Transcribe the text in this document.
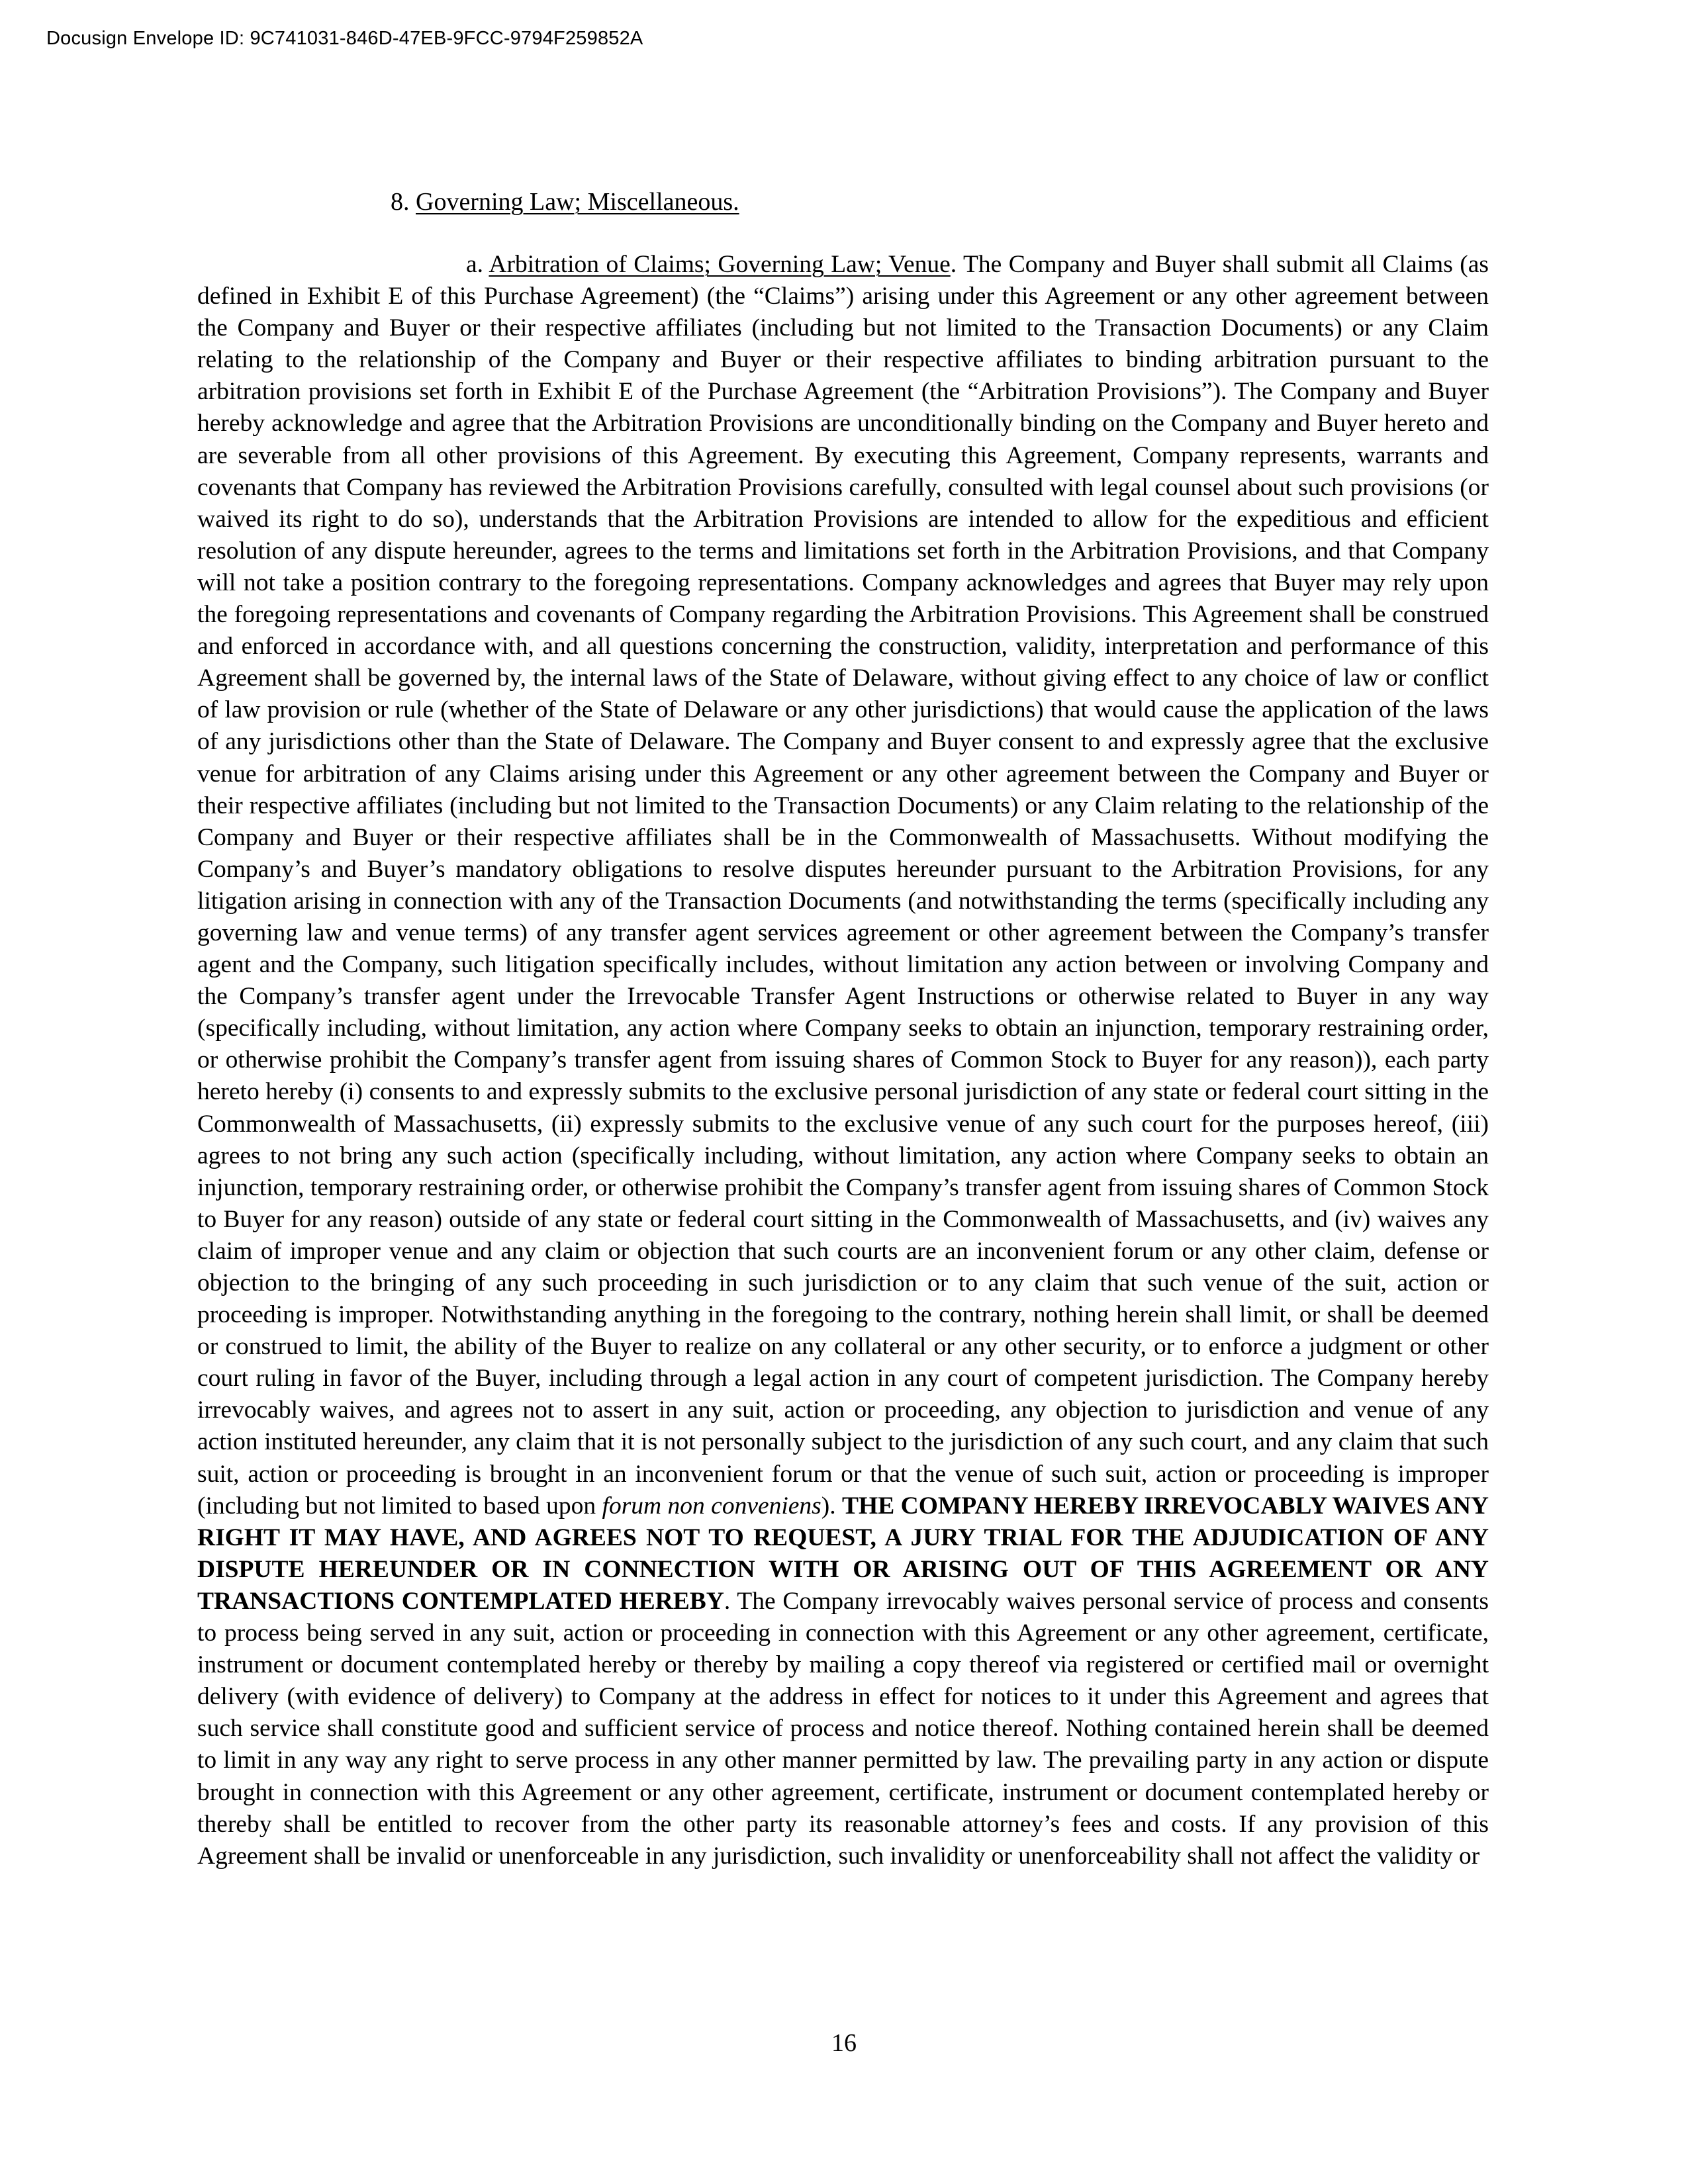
Docusign Envelope ID: 9C741031-846D-47EB-9FCC-9794F259852A
8. Governing Law; Miscellaneous.
a. Arbitration of Claims; Governing Law; Venue. The Company and Buyer shall submit all Claims (as defined in Exhibit E of this Purchase Agreement) (the “Claims”) arising under this Agreement or any other agreement between the Company and Buyer or their respective affiliates (including but not limited to the Transaction Documents) or any Claim relating to the relationship of the Company and Buyer or their respective affiliates to binding arbitration pursuant to the arbitration provisions set forth in Exhibit E of the Purchase Agreement (the “Arbitration Provisions”). The Company and Buyer hereby acknowledge and agree that the Arbitration Provisions are unconditionally binding on the Company and Buyer hereto and are severable from all other provisions of this Agreement. By executing this Agreement, Company represents, warrants and covenants that Company has reviewed the Arbitration Provisions carefully, consulted with legal counsel about such provisions (or waived its right to do so), understands that the Arbitration Provisions are intended to allow for the expeditious and efficient resolution of any dispute hereunder, agrees to the terms and limitations set forth in the Arbitration Provisions, and that Company will not take a position contrary to the foregoing representations. Company acknowledges and agrees that Buyer may rely upon the foregoing representations and covenants of Company regarding the Arbitration Provisions. This Agreement shall be construed and enforced in accordance with, and all questions concerning the construction, validity, interpretation and performance of this Agreement shall be governed by, the internal laws of the State of Delaware, without giving effect to any choice of law or conflict of law provision or rule (whether of the State of Delaware or any other jurisdictions) that would cause the application of the laws of any jurisdictions other than the State of Delaware. The Company and Buyer consent to and expressly agree that the exclusive venue for arbitration of any Claims arising under this Agreement or any other agreement between the Company and Buyer or their respective affiliates (including but not limited to the Transaction Documents) or any Claim relating to the relationship of the Company and Buyer or their respective affiliates shall be in the Commonwealth of Massachusetts. Without modifying the Company’s and Buyer’s mandatory obligations to resolve disputes hereunder pursuant to the Arbitration Provisions, for any litigation arising in connection with any of the Transaction Documents (and notwithstanding the terms (specifically including any governing law and venue terms) of any transfer agent services agreement or other agreement between the Company’s transfer agent and the Company, such litigation specifically includes, without limitation any action between or involving Company and the Company’s transfer agent under the Irrevocable Transfer Agent Instructions or otherwise related to Buyer in any way (specifically including, without limitation, any action where Company seeks to obtain an injunction, temporary restraining order, or otherwise prohibit the Company’s transfer agent from issuing shares of Common Stock to Buyer for any reason)), each party hereto hereby (i) consents to and expressly submits to the exclusive personal jurisdiction of any state or federal court sitting in the Commonwealth of Massachusetts, (ii) expressly submits to the exclusive venue of any such court for the purposes hereof, (iii) agrees to not bring any such action (specifically including, without limitation, any action where Company seeks to obtain an injunction, temporary restraining order, or otherwise prohibit the Company’s transfer agent from issuing shares of Common Stock to Buyer for any reason) outside of any state or federal court sitting in the Commonwealth of Massachusetts, and (iv) waives any claim of improper venue and any claim or objection that such courts are an inconvenient forum or any other claim, defense or objection to the bringing of any such proceeding in such jurisdiction or to any claim that such venue of the suit, action or proceeding is improper. Notwithstanding anything in the foregoing to the contrary, nothing herein shall limit, or shall be deemed or construed to limit, the ability of the Buyer to realize on any collateral or any other security, or to enforce a judgment or other court ruling in favor of the Buyer, including through a legal action in any court of competent jurisdiction. The Company hereby irrevocably waives, and agrees not to assert in any suit, action or proceeding, any objection to jurisdiction and venue of any action instituted hereunder, any claim that it is not personally subject to the jurisdiction of any such court, and any claim that such suit, action or proceeding is brought in an inconvenient forum or that the venue of such suit, action or proceeding is improper (including but not limited to based upon forum non conveniens). THE COMPANY HEREBY IRREVOCABLY WAIVES ANY RIGHT IT MAY HAVE, AND AGREES NOT TO REQUEST, A JURY TRIAL FOR THE ADJUDICATION OF ANY DISPUTE HEREUNDER OR IN CONNECTION WITH OR ARISING OUT OF THIS AGREEMENT OR ANY TRANSACTIONS CONTEMPLATED HEREBY. The Company irrevocably waives personal service of process and consents to process being served in any suit, action or proceeding in connection with this Agreement or any other agreement, certificate, instrument or document contemplated hereby or thereby by mailing a copy thereof via registered or certified mail or overnight delivery (with evidence of delivery) to Company at the address in effect for notices to it under this Agreement and agrees that such service shall constitute good and sufficient service of process and notice thereof. Nothing contained herein shall be deemed to limit in any way any right to serve process in any other manner permitted by law. The prevailing party in any action or dispute brought in connection with this Agreement or any other agreement, certificate, instrument or document contemplated hereby or thereby shall be entitled to recover from the other party its reasonable attorney’s fees and costs. If any provision of this Agreement shall be invalid or unenforceable in any jurisdiction, such invalidity or unenforceability shall not affect the validity or
16
